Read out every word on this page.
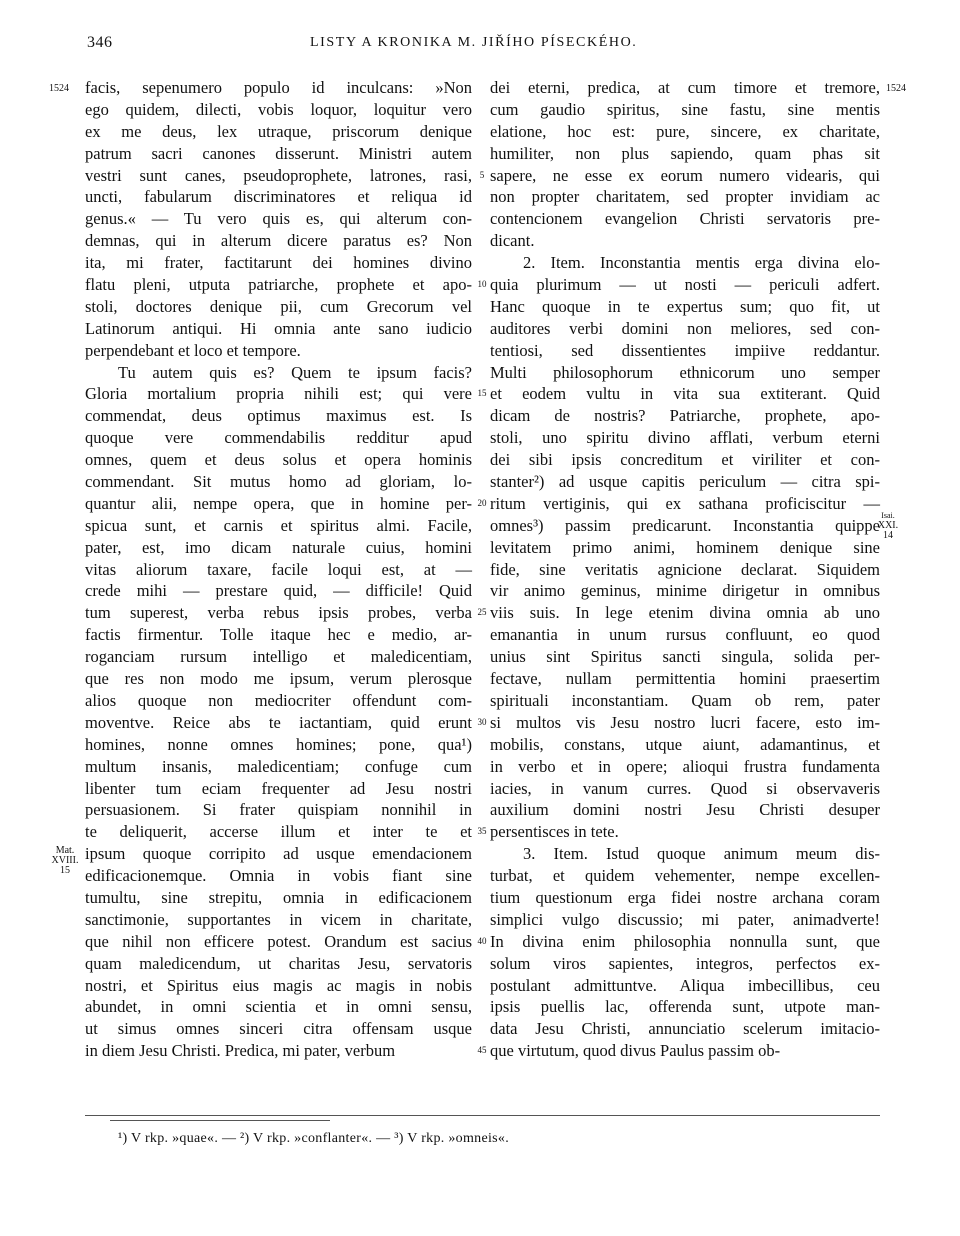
346	LISTY A KRONIKA M. JIŘÍHO PÍSECKÉHO.
1524	1524
Mat.
XVIII.
15
Isai.
XXI. 14
facis, sepenumero populo id inculcans: »Non
ego quidem, dilecti, vobis loquor, loquitur vero
ex me deus, lex utraque, priscorum denique
patrum sacri canones disserunt. Ministri autem
vestri sunt canes, pseudoprophete, latrones, rasi,
uncti, fabularum discriminatores et reliqua id
genus.« — Tu vero quis es, qui alterum con-
demnas, qui in alterum dicere paratus es? Non
ita, mi frater, factitarunt dei homines divino
flatu pleni, utputa patriarche, prophete et apo-
stoli, doctores denique pii, cum Grecorum vel
Latinorum antiqui. Hi omnia ante sano iudicio
perpendebant et loco et tempore.
Tu autem quis es? Quem te ipsum facis?
Gloria mortalium propria nihili est; qui vere
commendat, deus optimus maximus est. Is
quoque vere commendabilis redditur apud
omnes, quem et deus solus et opera hominis
commendant. Sit mutus homo ad gloriam, lo-
quantur alii, nempe opera, que in homine per-
spicua sunt, et carnis et spiritus almi. Facile,
pater, est, imo dicam naturale cuius, homini
vitas aliorum taxare, facile loqui est, at —
crede mihi — prestare quid, — difficile! Quid
tum superest, verba rebus ipsis probes, verba
factis firmentur. Tolle itaque hec e medio, ar-
roganciam rursum intelligo et maledicentiam,
que res non modo me ipsum, verum plerosque
alios quoque non mediocriter offendunt com-
moventve. Reice abs te iactantiam, quid erunt
homines, nonne omnes homines; pone, qua¹)
multum insanis, maledicentiam; confuge cum
libenter tum eciam frequenter ad Jesu nostri
persuasionem. Si frater quispiam nonnihil in
te deliquerit, accerse illum et inter te et
ipsum quoque corripito ad usque emendacionem
edificacionemque. Omnia in vobis fiant sine
tumultu, sine strepitu, omnia in edificacionem
sanctimonie, supportantes in vicem in charitate,
que nihil non efficere potest. Orandum est sacius
quam maledicendum, ut charitas Jesu, servatoris
nostri, et Spiritus eius magis ac magis in nobis
abundet, in omni scientia et in omni sensu,
ut simus omnes sinceri citra offensam usque
in diem Jesu Christi. Predica, mi pater, verbum
5
10
15
20
25
30
35
40
45
dei eterni, predica, at cum timore et tremore,
cum gaudio spiritus, sine fastu, sine mentis
elatione, hoc est: pure, sincere, ex charitate,
humiliter, non plus sapiendo, quam phas sit
sapere, ne esse ex eorum numero videaris, qui
non propter charitatem, sed propter invidiam ac
contencionem evangelion Christi servatoris pre-
dicant.
2. Item. Inconstantia mentis erga divina elo-
quia plurimum — ut nosti — periculi adfert.
Hanc quoque in te expertus sum; quo fit, ut
auditores verbi domini non meliores, sed con-
tentiosi, sed dissentientes impiive reddantur.
Multi philosophorum ethnicorum uno semper
et eodem vultu in vita sua extiterant. Quid
dicam de nostris? Patriarche, prophete, apo-
stoli, uno spiritu divino afflati, verbum eterni
dei sibi ipsis concreditum et viriliter et con-
stanter²) ad usque capitis periculum — citra spi-
ritum vertiginis, qui ex sathana proficiscitur —
omnes³) passim predicarunt. Inconstantia quippe
levitatem primo animi, hominem denique sine
fide, sine veritatis agnicione declarat. Siquidem
vir animo geminus, minime dirigetur in omnibus
viis suis. In lege etenim divina omnia ab uno
emanantia in unum rursus confluunt, eo quod
unius sint Spiritus sancti singula, solida per-
fectave, nullam permittentia homini praesertim
spirituali inconstantiam. Quam ob rem, pater
si multos vis Jesu nostro lucri facere, esto im-
mobilis, constans, utque aiunt, adamantinus, et
in verbo et in opere; alioqui frustra fundamenta
iacies, in vanum curres. Quod si observaveris
auxilium domini nostri Jesu Christi desuper
persentisces in tete.
3. Item. Istud quoque animum meum dis-
turbat, et quidem vehementer, nempe excellen-
tium questionum erga fidei nostre archana coram
simplici vulgo discussio; mi pater, animadverte!
In divina enim philosophia nonnulla sunt, que
solum viros sapientes, integros, perfectos ex-
postulant admittuntve. Aliqua imbecillibus, ceu
ipsis puellis lac, offerenda sunt, utpote man-
data Jesu Christi, annunciatio scelerum imitacio-
que virtutum, quod divus Paulus passim ob-
¹) V rkp. »quae«. — ²) V rkp. »conflanter«. — ³) V rkp. »omneis«.
